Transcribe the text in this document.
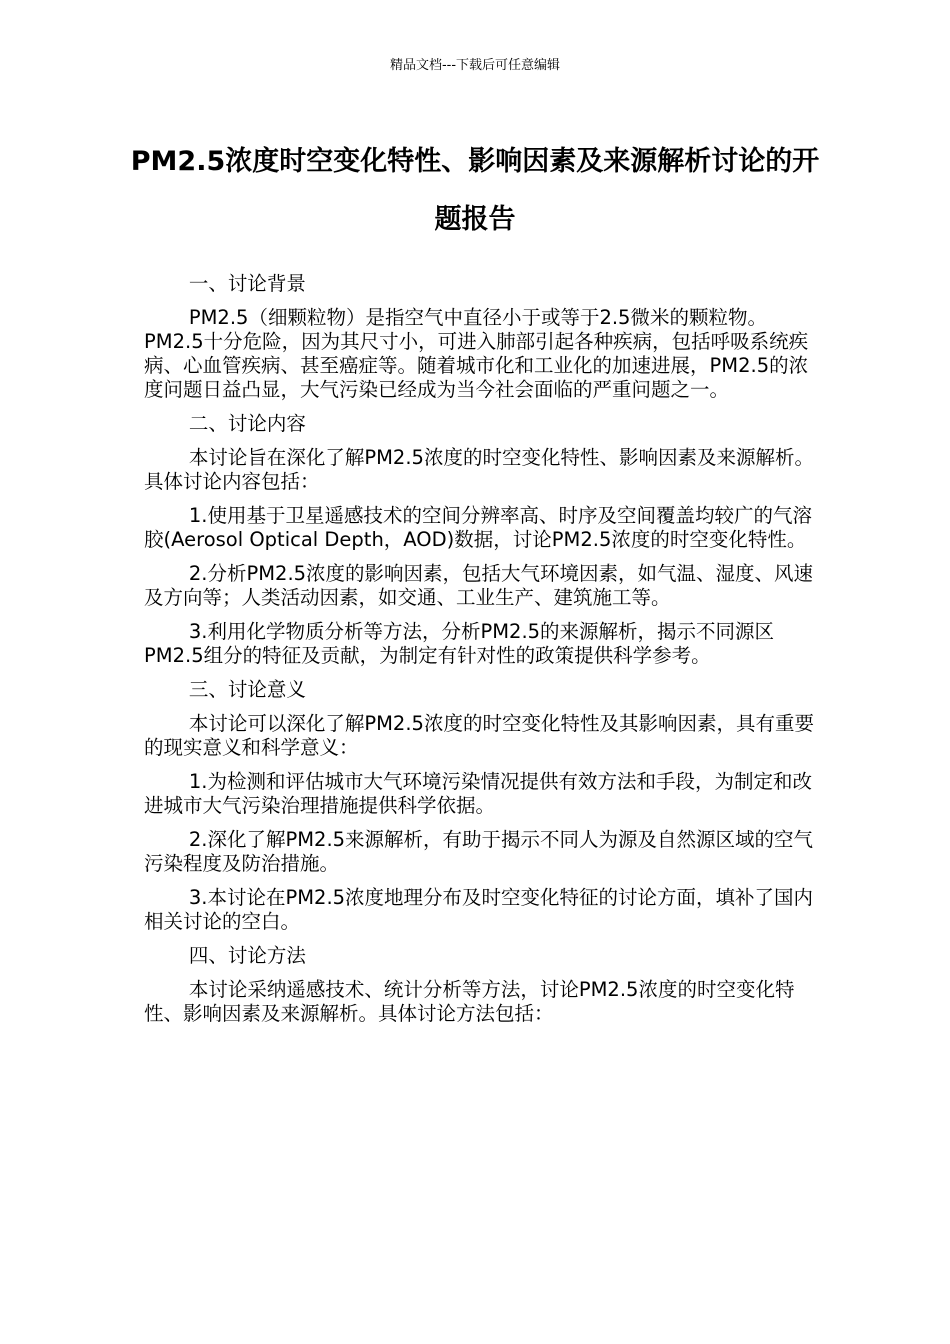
精品文档---下载后可任意编辑
PM2.5浓度时空变化特性、影响因素及来源解析讨论的开题报告

一、讨论背景

PM2.5（细颗粒物）是指空气中直径小于或等于2.5微米的颗粒物。PM2.5十分危险，因为其尺寸小，可进入肺部引起各种疾病，包括呼吸系统疾病、心血管疾病、甚至癌症等。随着城市化和工业化的加速进展，PM2.5的浓度问题日益凸显，大气污染已经成为当今社会面临的严重问题之一。

二、讨论内容

本讨论旨在深化了解PM2.5浓度的时空变化特性、影响因素及来源解析。具体讨论内容包括：

1.使用基于卫星遥感技术的空间分辨率高、时序及空间覆盖均较广的气溶胶(Aerosol Optical Depth，AOD)数据，讨论PM2.5浓度的时空变化特性。

2.分析PM2.5浓度的影响因素，包括大气环境因素，如气温、湿度、风速及方向等；人类活动因素，如交通、工业生产、建筑施工等。

3.利用化学物质分析等方法，分析PM2.5的来源解析，揭示不同源区PM2.5组分的特征及贡献，为制定有针对性的政策提供科学参考。

三、讨论意义

本讨论可以深化了解PM2.5浓度的时空变化特性及其影响因素，具有重要的现实意义和科学意义：

1.为检测和评估城市大气环境污染情况提供有效方法和手段，为制定和改进城市大气污染治理措施提供科学依据。

2.深化了解PM2.5来源解析，有助于揭示不同人为源及自然源区域的空气污染程度及防治措施。

3.本讨论在PM2.5浓度地理分布及时空变化特征的讨论方面，填补了国内相关讨论的空白。

四、讨论方法

本讨论采纳遥感技术、统计分析等方法，讨论PM2.5浓度的时空变化特性、影响因素及来源解析。具体讨论方法包括：
